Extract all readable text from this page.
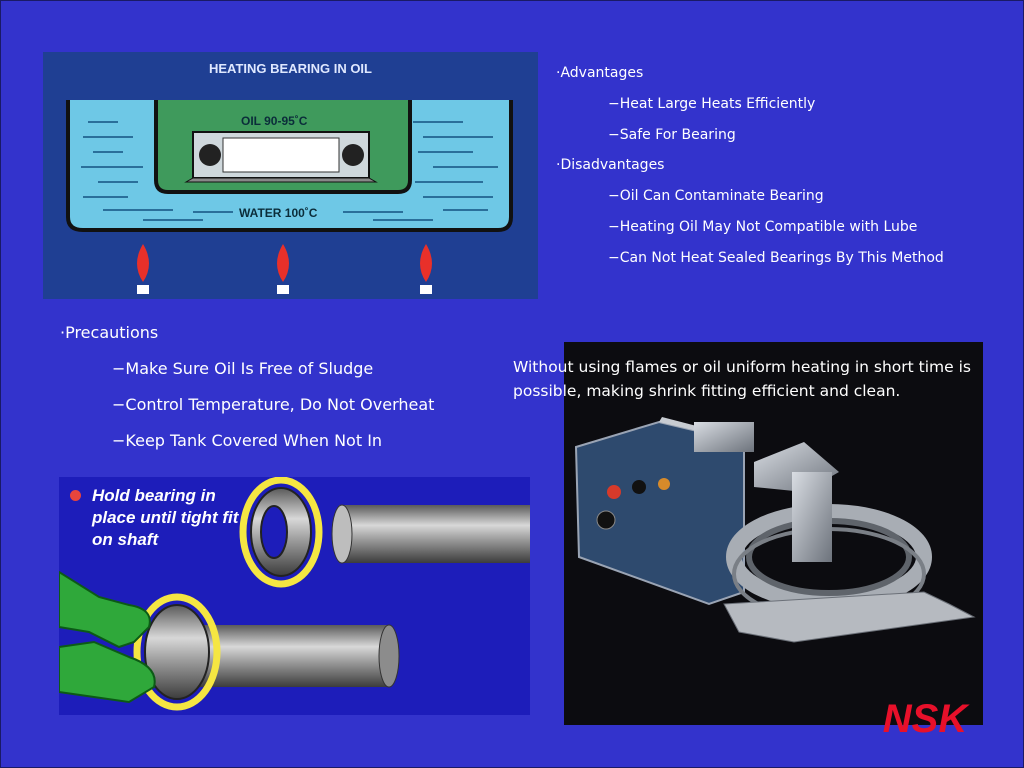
HEATING BEARING IN OIL
OIL 90-95˚C
WATER 100˚C
·Advantages
−Heat Large Heats Efficiently
−Safe For Bearing
·Disadvantages
−Oil Can Contaminate Bearing
−Heating Oil May Not Compatible with Lube
−Can Not Heat Sealed Bearings By This Method
·Precautions
−Make Sure Oil Is Free of Sludge
−Control Temperature, Do Not Overheat
−Keep Tank Covered When Not In
Hold bearing in place until tight fit on shaft
Without using flames or oil uniform heating in short time is possible, making shrink fitting efficient and clean.
NSK
